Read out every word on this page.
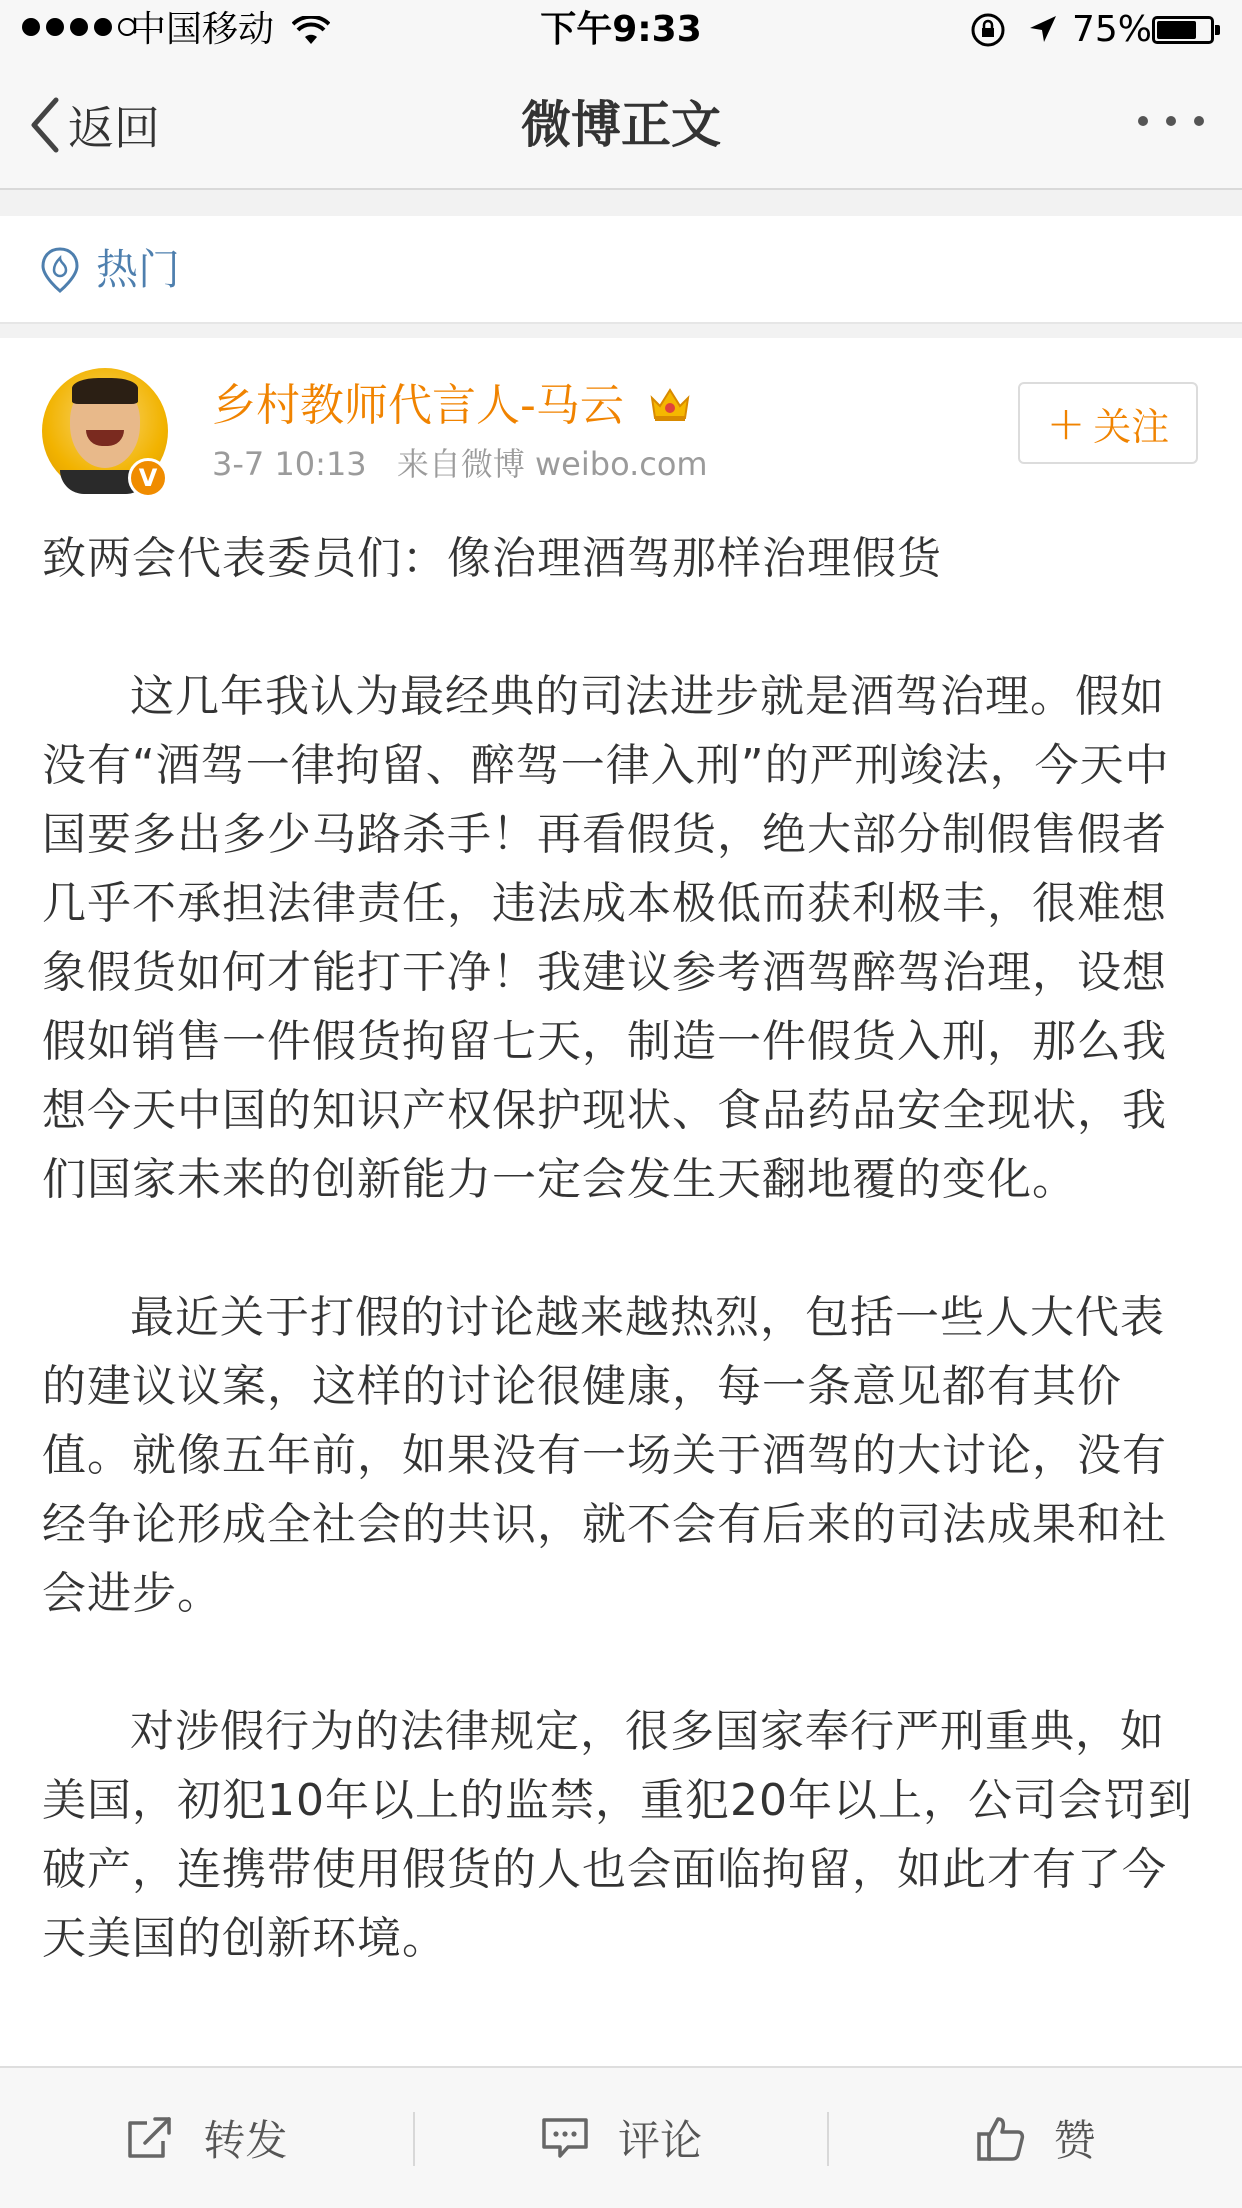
中国移动	下午9:33	75%
返回	微博正文
热门
V
乡村教师代言人-马云
3-7 10:13 来自微博 weibo.com
+ 关注

致两会代表委员们：像治理酒驾那样治理假货

这几年我认为最经典的司法进步就是酒驾治理。假如没有“酒驾一律拘留、醉驾一律入刑”的严刑竣法，今天中国要多出多少马路杀手！再看假货，绝大部分制假售假者几乎不承担法律责任，违法成本极低而获利极丰，很难想象假货如何才能打干净！我建议参考酒驾醉驾治理，设想假如销售一件假货拘留七天，制造一件假货入刑，那么我想今天中国的知识产权保护现状、食品药品安全现状，我们国家未来的创新能力一定会发生天翻地覆的变化。

最近关于打假的讨论越来越热烈，包括一些人大代表的建议议案，这样的讨论很健康，每一条意见都有其价值。就像五年前，如果没有一场关于酒驾的大讨论，没有经争论形成全社会的共识，就不会有后来的司法成果和社会进步。

对涉假行为的法律规定，很多国家奉行严刑重典，如美国，初犯10年以上的监禁，重犯20年以上，公司会罚到破产，连携带使用假货的人也会面临拘留，如此才有了今天美国的创新环境。

转发	评论	赞
